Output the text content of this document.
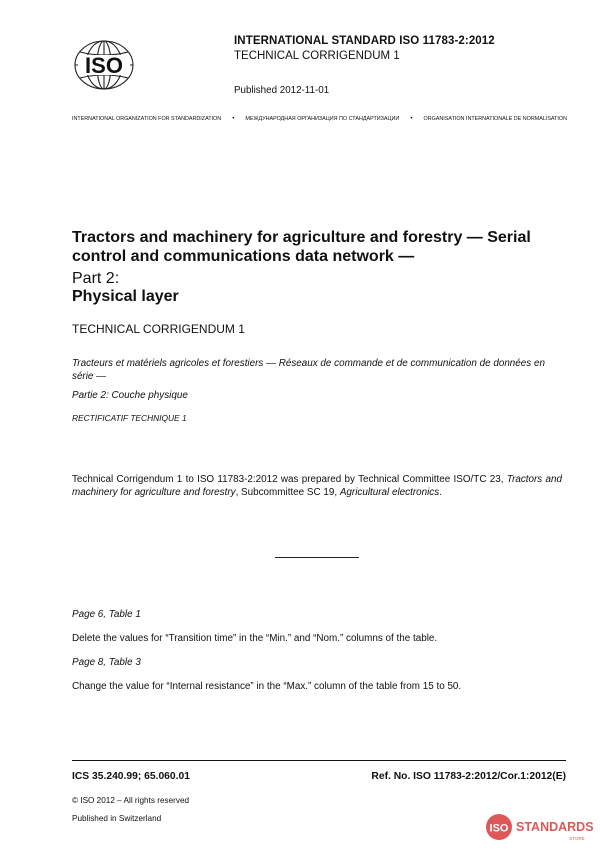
ISO
INTERNATIONAL STANDARD ISO 11783-2:2012
TECHNICAL CORRIGENDUM 1
Published 2012-11-01
INTERNATIONAL ORGANIZATION FOR STANDARDIZATION • МЕЖДУНАРОДНАЯ ОРГАНИЗАЦИЯ ПО СТАНДАРТИЗАЦИИ • ORGANISATION INTERNATIONALE DE NORMALISATION
Tractors and machinery for agriculture and forestry — Serial control and communications data network —
Part 2:
Physical layer
TECHNICAL CORRIGENDUM 1
Tracteurs et matériels agricoles et forestiers — Réseaux de commande et de communication de données en série —
Partie 2: Couche physique
RECTIFICATIF TECHNIQUE 1
Technical Corrigendum 1 to ISO 11783-2:2012 was prepared by Technical Committee ISO/TC 23, Tractors and machinery for agriculture and forestry, Subcommittee SC 19, Agricultural electronics.
Page 6, Table 1
Delete the values for “Transition time” in the “Min.” and “Nom.” columns of the table.
Page 8, Table 3
Change the value for “Internal resistance” in the “Max.” column of the table from 15 to 50.
ICS 35.240.99; 65.060.01	Ref. No. ISO 11783-2:2012/Cor.1:2012(E)
© ISO 2012 – All rights reserved
Published in Switzerland
ISO STANDARDS
STORE
